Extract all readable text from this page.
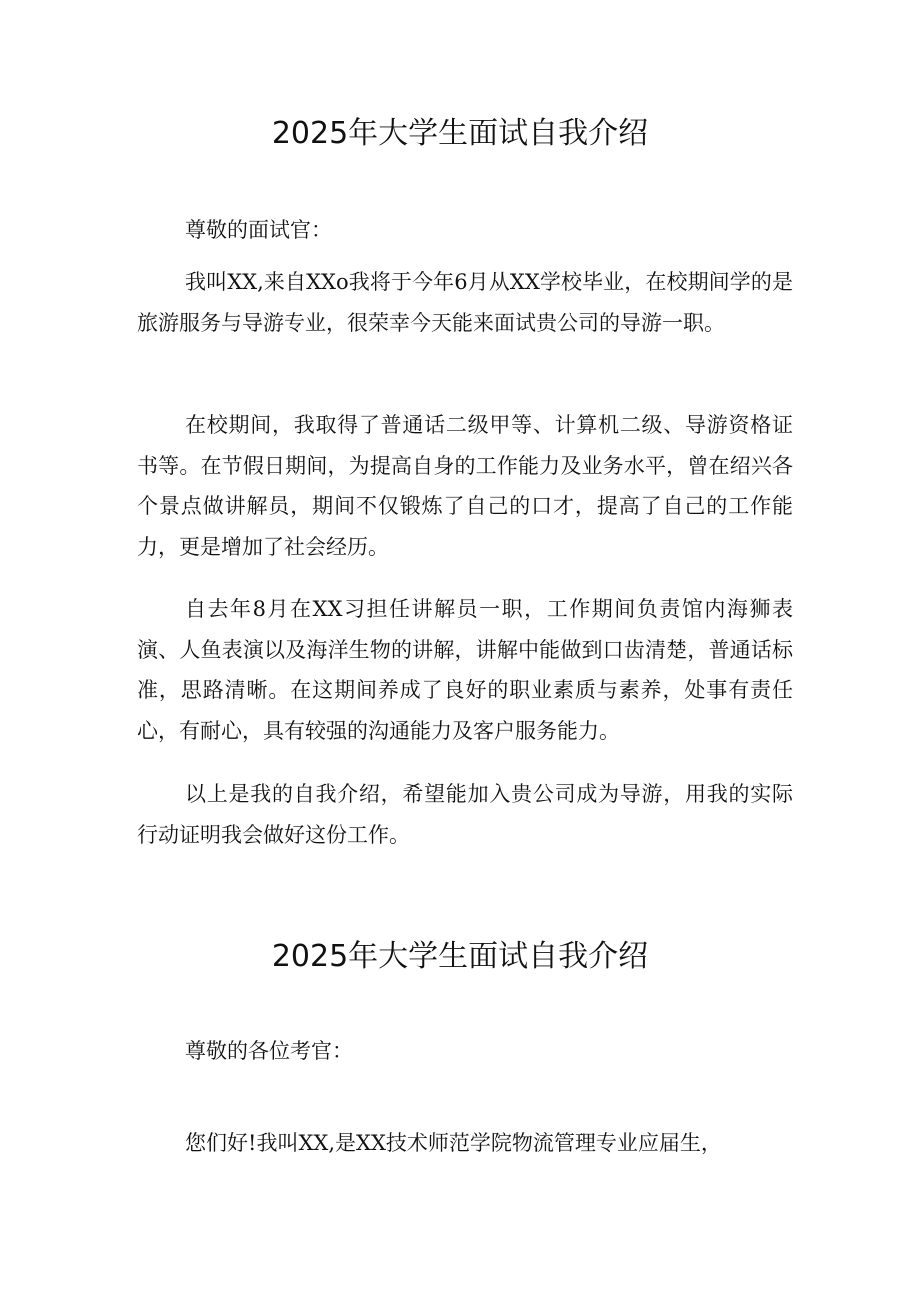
2025年大学生面试自我介绍

尊敬的面试官：

我叫XX,来自XXo我将于今年6月从XX学校毕业，在校期间学的是旅游服务与导游专业，很荣幸今天能来面试贵公司的导游一职。

在校期间，我取得了普通话二级甲等、计算机二级、导游资格证书等。在节假日期间，为提高自身的工作能力及业务水平，曾在绍兴各个景点做讲解员，期间不仅锻炼了自己的口才，提高了自己的工作能力，更是增加了社会经历。

自去年8月在XX习担任讲解员一职，工作期间负责馆内海狮表演、人鱼表演以及海洋生物的讲解，讲解中能做到口齿清楚，普通话标准，思路清晰。在这期间养成了良好的职业素质与素养，处事有责任心，有耐心，具有较强的沟通能力及客户服务能力。

以上是我的自我介绍，希望能加入贵公司成为导游，用我的实际行动证明我会做好这份工作。

2025年大学生面试自我介绍

尊敬的各位考官：

您们好!我叫XX,是XX技术师范学院物流管理专业应届生，
